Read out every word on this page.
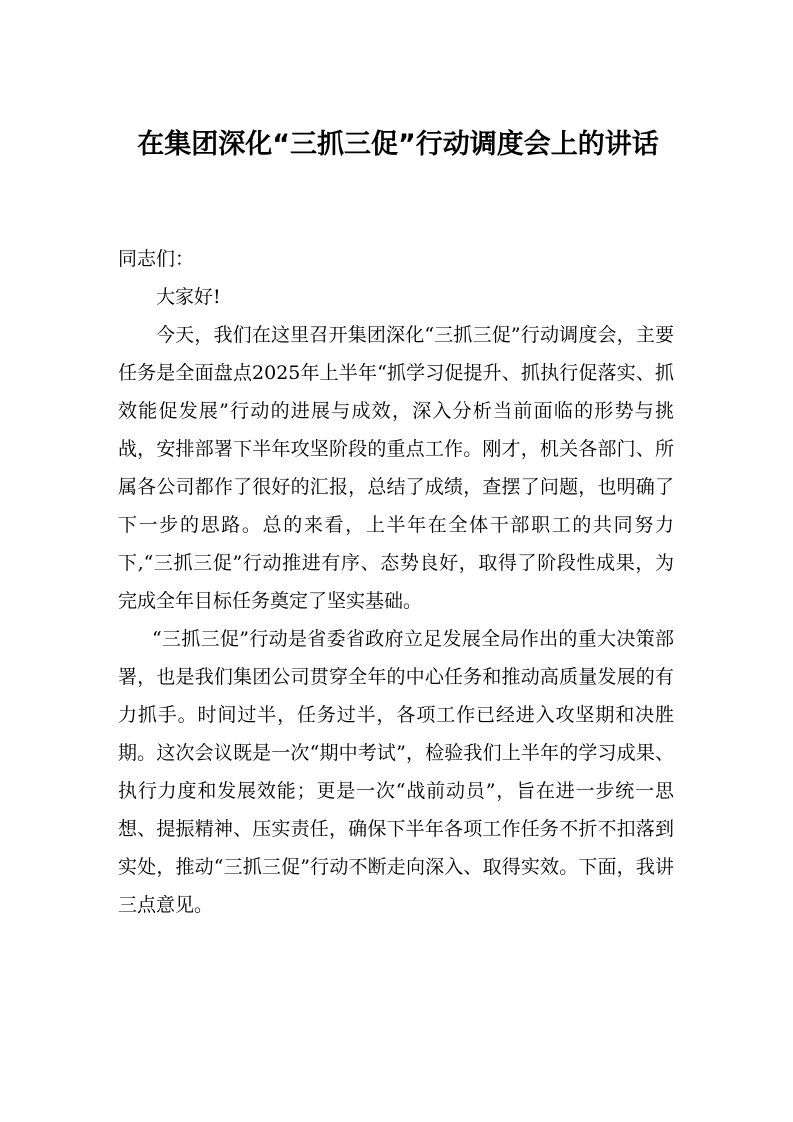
在集团深化“三抓三促”行动调度会上的讲话

同志们：

大家好!

今天，我们在这里召开集团深化“三抓三促”行动调度会，主要任务是全面盘点2025年上半年“抓学习促提升、抓执行促落实、抓效能促发展”行动的进展与成效，深入分析当前面临的形势与挑战，安排部署下半年攻坚阶段的重点工作。刚才，机关各部门、所属各公司都作了很好的汇报，总结了成绩，查摆了问题，也明确了下一步的思路。总的来看，上半年在全体干部职工的共同努力下,“三抓三促”行动推进有序、态势良好，取得了阶段性成果，为完成全年目标任务奠定了坚实基础。

“三抓三促”行动是省委省政府立足发展全局作出的重大决策部署，也是我们集团公司贯穿全年的中心任务和推动高质量发展的有力抓手。时间过半，任务过半，各项工作已经进入攻坚期和决胜期。这次会议既是一次“期中考试”，检验我们上半年的学习成果、执行力度和发展效能；更是一次“战前动员”，旨在进一步统一思想、提振精神、压实责任，确保下半年各项工作任务不折不扣落到实处，推动“三抓三促”行动不断走向深入、取得实效。下面，我讲三点意见。
